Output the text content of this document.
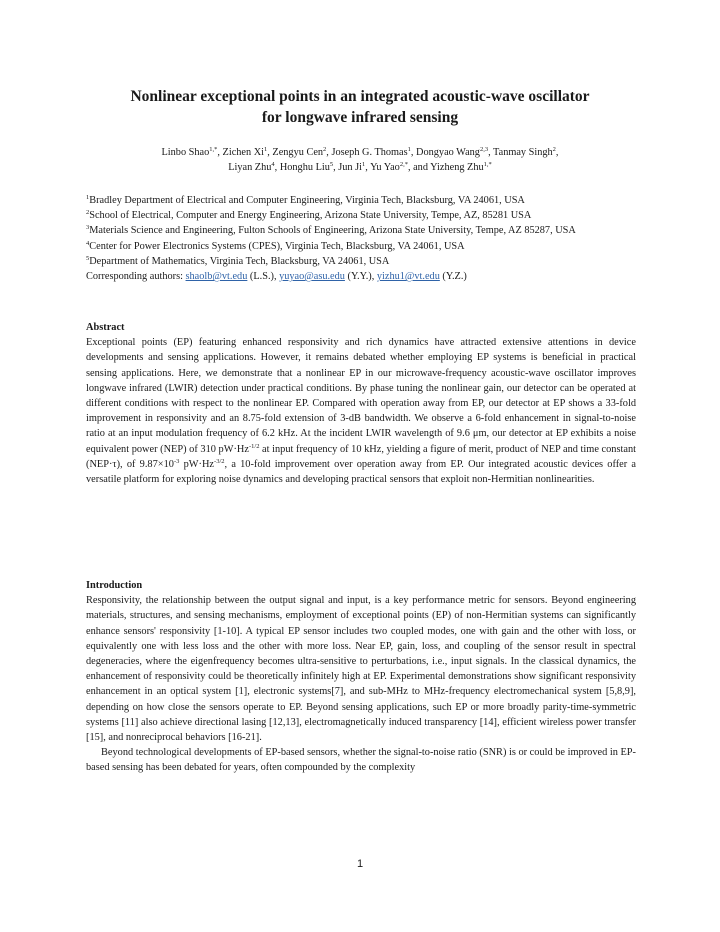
Nonlinear exceptional points in an integrated acoustic-wave oscillator
for longwave infrared sensing
Linbo Shao$^{1,*}$, Zichen Xi$^1$, Zengyu Cen$^2$, Joseph G. Thomas$^1$, Dongyao Wang$^{2,3}$, Tanmay Singh$^2$,
Liyan Zhu$^4$, Honghu Liu$^5$, Jun Ji$^1$, Yu Yao$^{2,*}$, and Yizheng Zhu$^{1,*}$

$^1$Bradley Department of Electrical and Computer Engineering, Virginia Tech, Blacksburg, VA 24061, USA

$^2$School of Electrical, Computer and Energy Engineering, Arizona State University, Tempe, AZ, 85281 USA

$^3$Materials Science and Engineering, Fulton Schools of Engineering, Arizona State University, Tempe, AZ 85287, USA

$^4$Center for Power Electronics Systems (CPES), Virginia Tech, Blacksburg, VA 24061, USA

$^5$Department of Mathematics, Virginia Tech, Blacksburg, VA 24061, USA

Corresponding authors: shaolb@vt.edu (L.S.), yuyao@asu.edu (Y.Y.), yizhu1@vt.edu (Y.Z.)

Abstract

Exceptional points (EP) featuring enhanced responsivity and rich dynamics have attracted extensive attentions in device developments and sensing applications. However, it remains debated whether employing EP systems is beneficial in practical sensing applications. Here, we demonstrate that a nonlinear EP in our microwave-frequency acoustic-wave oscillator improves longwave infrared (LWIR) detection under practical conditions. By phase tuning the nonlinear gain, our detector can be operated at different conditions with respect to the nonlinear EP. Compared with operation away from EP, our detector at EP shows a 33-fold improvement in responsivity and an 8.75-fold extension of 3-dB bandwidth. We observe a 6-fold enhancement in signal-to-noise ratio at an input modulation frequency of 6.2 kHz. At the incident LWIR wavelength of 9.6 μm, our detector at EP exhibits a noise equivalent power (NEP) of 310 $pW\cdot Hz^{-1/2}$ at input frequency of 10 kHz, yielding a figure of merit, product of NEP and time constant (NEP·τ), of $9.87\times 10^{-3}$ $pW\cdot Hz^{-3/2}$, a 10-fold improvement over operation away from EP. Our integrated acoustic devices offer a versatile platform for exploring noise dynamics and developing practical sensors that exploit non-Hermitian nonlinearities.

Introduction

Responsivity, the relationship between the output signal and input, is a key performance metric for sensors. Beyond engineering materials, structures, and sensing mechanisms, employment of exceptional points (EP) of non-Hermitian systems can significantly enhance sensors' responsivity [1-10]. A typical EP sensor includes two coupled modes, one with gain and the other with loss, or equivalently one with less loss and the other with more loss. Near EP, gain, loss, and coupling of the sensor result in spectral degeneracies, where the eigenfrequency becomes ultra-sensitive to perturbations, i.e., input signals. In the classical dynamics, the enhancement of responsivity could be theoretically infinitely high at EP. Experimental demonstrations show significant responsivity enhancement in an optical system [1], electronic systems[7], and sub-MHz to MHz-frequency electromechanical system [5,8,9], depending on how close the sensors operate to EP. Beyond sensing applications, such EP or more broadly parity-time-symmetric systems [11] also achieve directional lasing [12,13], electromagnetically induced transparency [14], efficient wireless power transfer [15], and nonreciprocal behaviors [16-21].

Beyond technological developments of EP-based sensors, whether the signal-to-noise ratio (SNR) is or could be improved in EP-based sensing has been debated for years, often compounded by the complexity

1
